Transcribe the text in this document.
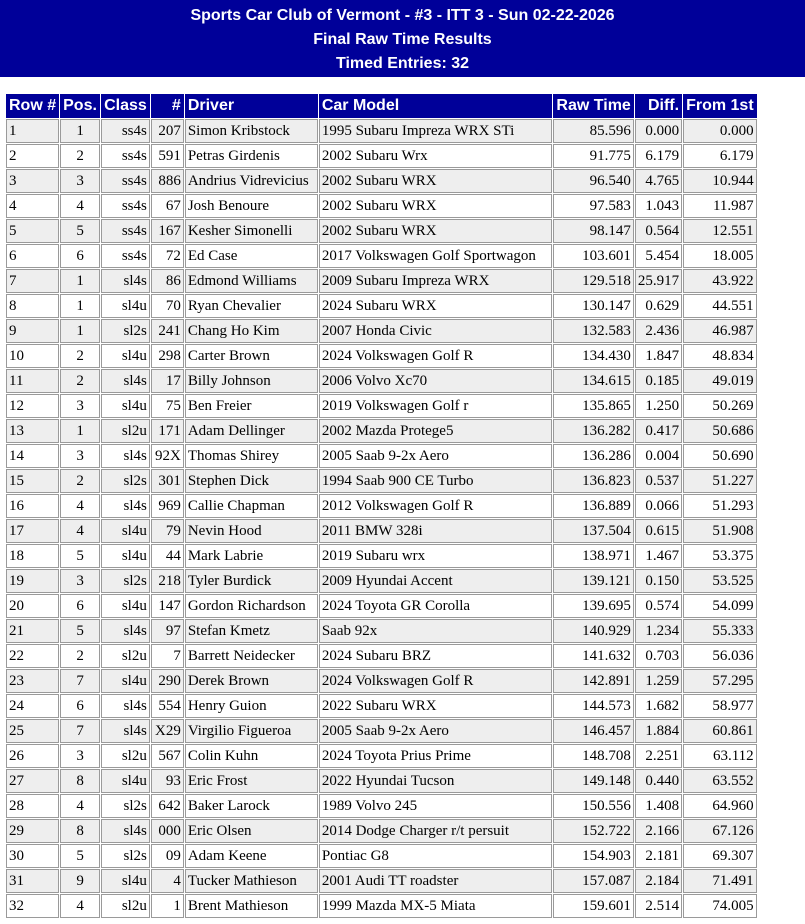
Sports Car Club of Vermont - #3 - ITT 3 - Sun 02-22-2026
Final Raw Time Results
Timed Entries: 32
Row #	Pos.	Class	#	Driver	Car Model	Raw Time	Diff.	From 1st
1	1	ss4s	207	Simon Kribstock	1995 Subaru Impreza WRX STi	85.596	0.000	0.000
2	2	ss4s	591	Petras Girdenis	2002 Subaru Wrx	91.775	6.179	6.179
3	3	ss4s	886	Andrius Vidrevicius	2002 Subaru WRX	96.540	4.765	10.944
4	4	ss4s	67	Josh Benoure	2002 Subaru WRX	97.583	1.043	11.987
5	5	ss4s	167	Kesher Simonelli	2002 Subaru WRX	98.147	0.564	12.551
6	6	ss4s	72	Ed Case	2017 Volkswagen Golf Sportwagon	103.601	5.454	18.005
7	1	sl4s	86	Edmond Williams	2009 Subaru Impreza WRX	129.518	25.917	43.922
8	1	sl4u	70	Ryan Chevalier	2024 Subaru WRX	130.147	0.629	44.551
9	1	sl2s	241	Chang Ho Kim	2007 Honda Civic	132.583	2.436	46.987
10	2	sl4u	298	Carter Brown	2024 Volkswagen Golf R	134.430	1.847	48.834
11	2	sl4s	17	Billy Johnson	2006 Volvo Xc70	134.615	0.185	49.019
12	3	sl4u	75	Ben Freier	2019 Volkswagen Golf r	135.865	1.250	50.269
13	1	sl2u	171	Adam Dellinger	2002 Mazda Protege5	136.282	0.417	50.686
14	3	sl4s	92X	Thomas Shirey	2005 Saab 9-2x Aero	136.286	0.004	50.690
15	2	sl2s	301	Stephen Dick	1994 Saab 900 CE Turbo	136.823	0.537	51.227
16	4	sl4s	969	Callie Chapman	2012 Volkswagen Golf R	136.889	0.066	51.293
17	4	sl4u	79	Nevin Hood	2011 BMW 328i	137.504	0.615	51.908
18	5	sl4u	44	Mark Labrie	2019 Subaru wrx	138.971	1.467	53.375
19	3	sl2s	218	Tyler Burdick	2009 Hyundai Accent	139.121	0.150	53.525
20	6	sl4u	147	Gordon Richardson	2024 Toyota GR Corolla	139.695	0.574	54.099
21	5	sl4s	97	Stefan Kmetz	Saab 92x	140.929	1.234	55.333
22	2	sl2u	7	Barrett Neidecker	2024 Subaru BRZ	141.632	0.703	56.036
23	7	sl4u	290	Derek Brown	2024 Volkswagen Golf R	142.891	1.259	57.295
24	6	sl4s	554	Henry Guion	2022 Subaru WRX	144.573	1.682	58.977
25	7	sl4s	X29	Virgilio Figueroa	2005 Saab 9-2x Aero	146.457	1.884	60.861
26	3	sl2u	567	Colin Kuhn	2024 Toyota Prius Prime	148.708	2.251	63.112
27	8	sl4u	93	Eric Frost	2022 Hyundai Tucson	149.148	0.440	63.552
28	4	sl2s	642	Baker Larock	1989 Volvo 245	150.556	1.408	64.960
29	8	sl4s	000	Eric Olsen	2014 Dodge Charger r/t persuit	152.722	2.166	67.126
30	5	sl2s	09	Adam Keene	Pontiac G8	154.903	2.181	69.307
31	9	sl4u	4	Tucker Mathieson	2001 Audi TT roadster	157.087	2.184	71.491
32	4	sl2u	1	Brent Mathieson	1999 Mazda MX-5 Miata	159.601	2.514	74.005
